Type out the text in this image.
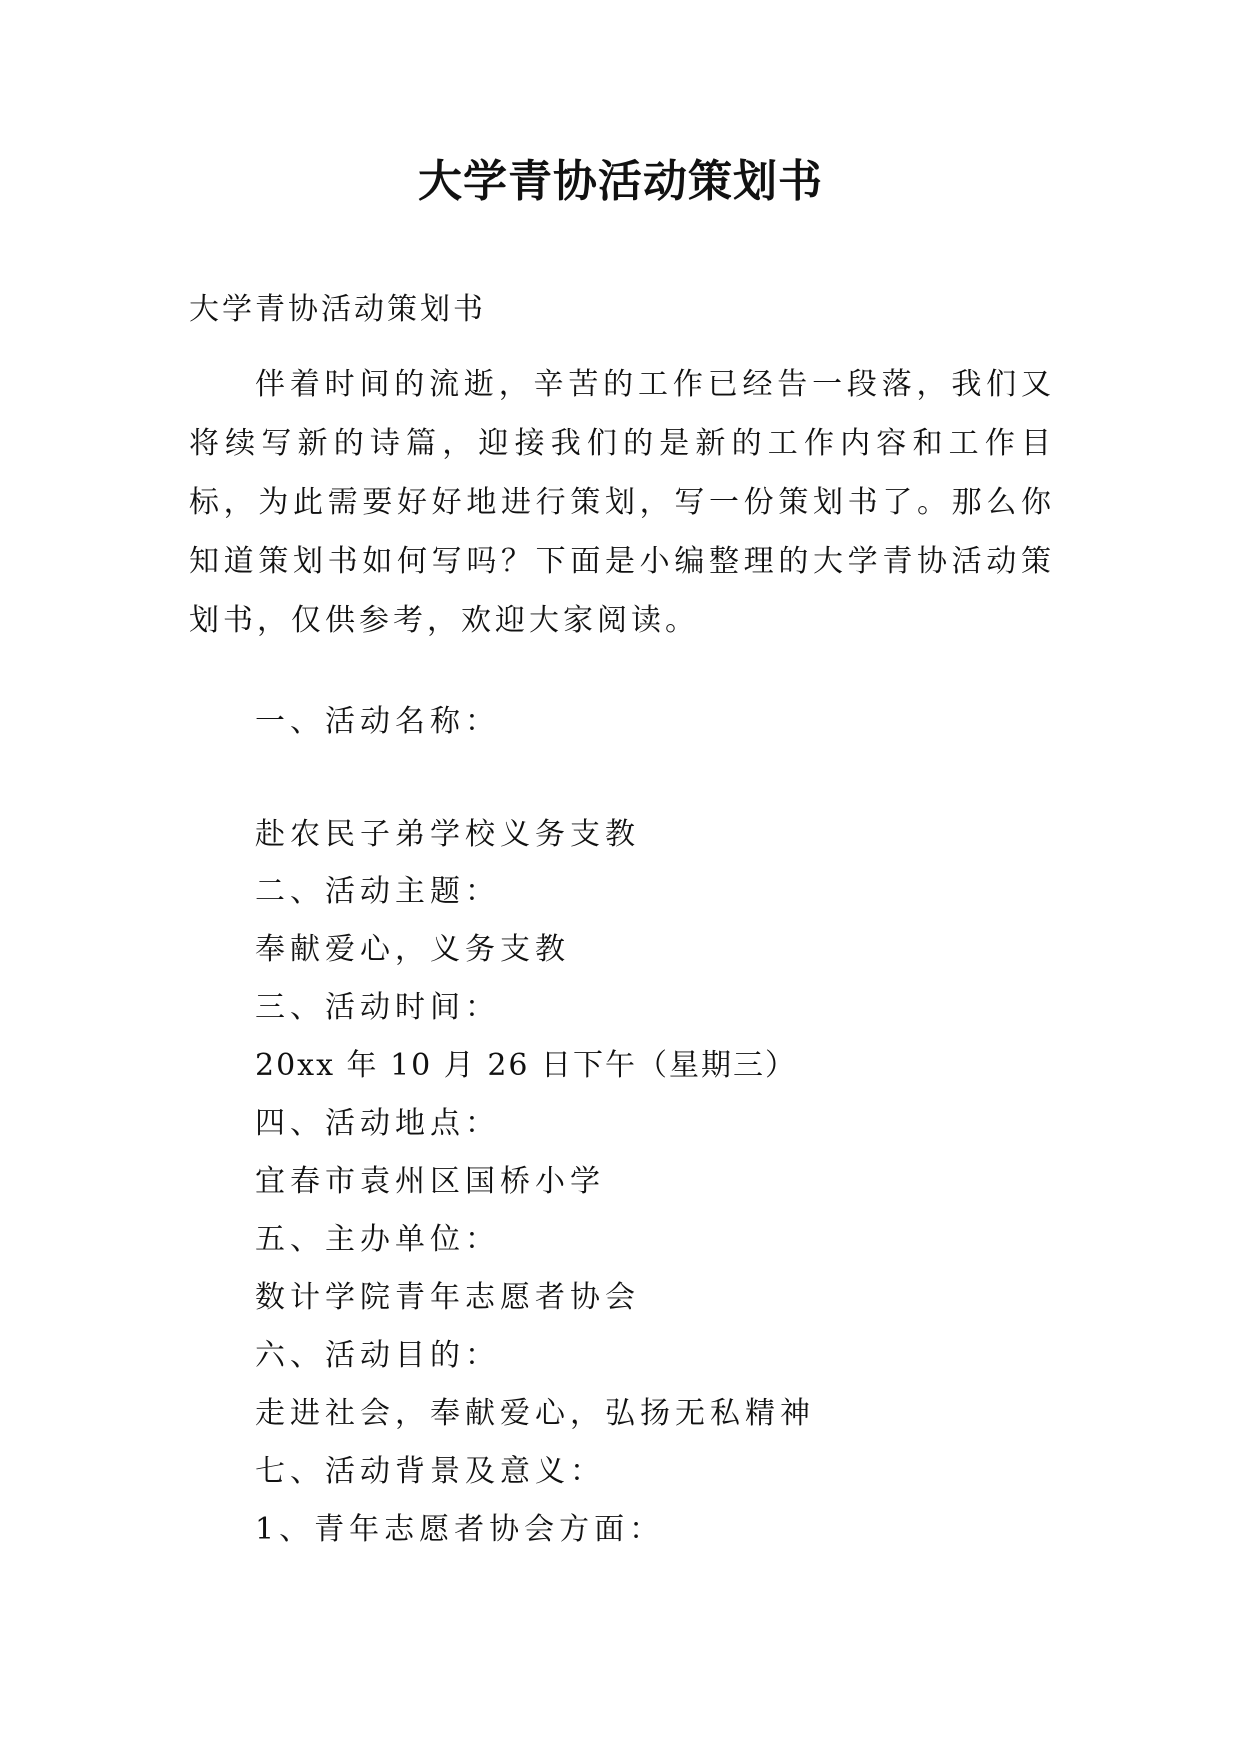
大学青协活动策划书

大学青协活动策划书

伴着时间的流逝，辛苦的工作已经告一段落，我们又将续写新的诗篇，迎接我们的是新的工作内容和工作目标，为此需要好好地进行策划，写一份策划书了。那么你知道策划书如何写吗？下面是小编整理的大学青协活动策划书，仅供参考，欢迎大家阅读。

一、活动名称：

赴农民子弟学校义务支教

二、活动主题：

奉献爱心，义务支教

三、活动时间：

20xx 年 10 月 26 日下午（星期三）

四、活动地点：

宜春市袁州区国桥小学

五、主办单位：

数计学院青年志愿者协会

六、活动目的：

走进社会，奉献爱心，弘扬无私精神

七、活动背景及意义：

1、青年志愿者协会方面：
